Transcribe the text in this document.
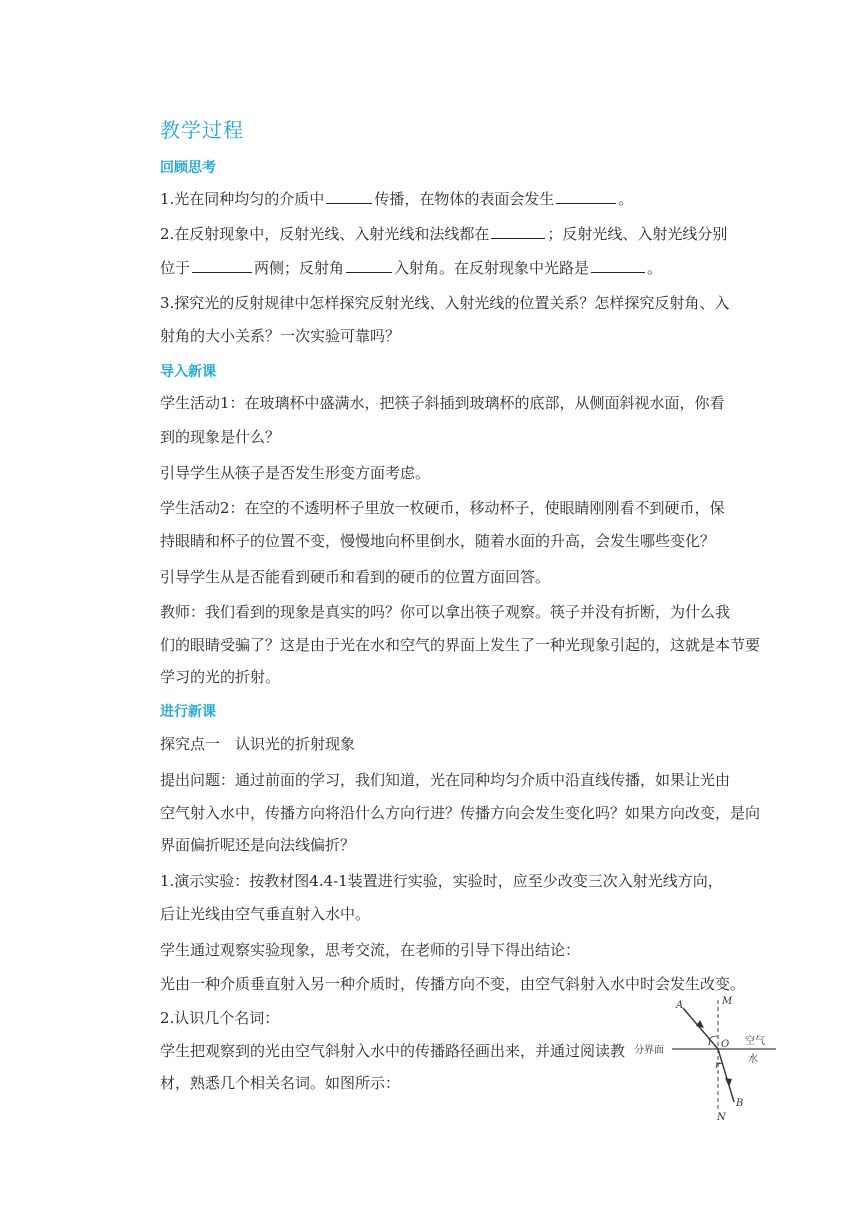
教学过程
回顾思考
1.光在同种均匀的介质中	传播，在物体的表面会发生	。
2.在反射现象中，反射光线、入射光线和法线都在	；反射光线、入射光线分别
位于	两侧；反射角	入射角。在反射现象中光路是	。
3.探究光的反射规律中怎样探究反射光线、入射光线的位置关系？怎样探究反射角、入
射角的大小关系？一次实验可靠吗？
导入新课
学生活动1：在玻璃杯中盛满水，把筷子斜插到玻璃杯的底部，从侧面斜视水面，你看
到的现象是什么？
引导学生从筷子是否发生形变方面考虑。
学生活动2：在空的不透明杯子里放一枚硬币，移动杯子，使眼睛刚刚看不到硬币，保
持眼睛和杯子的位置不变，慢慢地向杯里倒水，随着水面的升高，会发生哪些变化？
引导学生从是否能看到硬币和看到的硬币的位置方面回答。
教师：我们看到的现象是真实的吗？你可以拿出筷子观察。筷子并没有折断，为什么我
们的眼睛受骗了？这是由于光在水和空气的界面上发生了一种光现象引起的，这就是本节要
学习的光的折射。
进行新课
探究点一　认识光的折射现象
提出问题：通过前面的学习，我们知道，光在同种均匀介质中沿直线传播，如果让光由
空气射入水中，传播方向将沿什么方向行进？传播方向会发生变化吗？如果方向改变，是向
界面偏折呢还是向法线偏折？
1.演示实验：按教材图4.4-1装置进行实验，实验时，应至少改变三次入射光线方向，
后让光线由空气垂直射入水中。
学生通过观察实验现象，思考交流，在老师的引导下得出结论：
光由一种介质垂直射入另一种介质时，传播方向不变，由空气斜射入水中时会发生改变。
2.认识几个名词：
学生把观察到的光由空气斜射入水中的传播路径画出来，并通过阅读教
材，熟悉几个相关名词。如图所示：
A	M
i O
r
N
B
分界面
空气
水
